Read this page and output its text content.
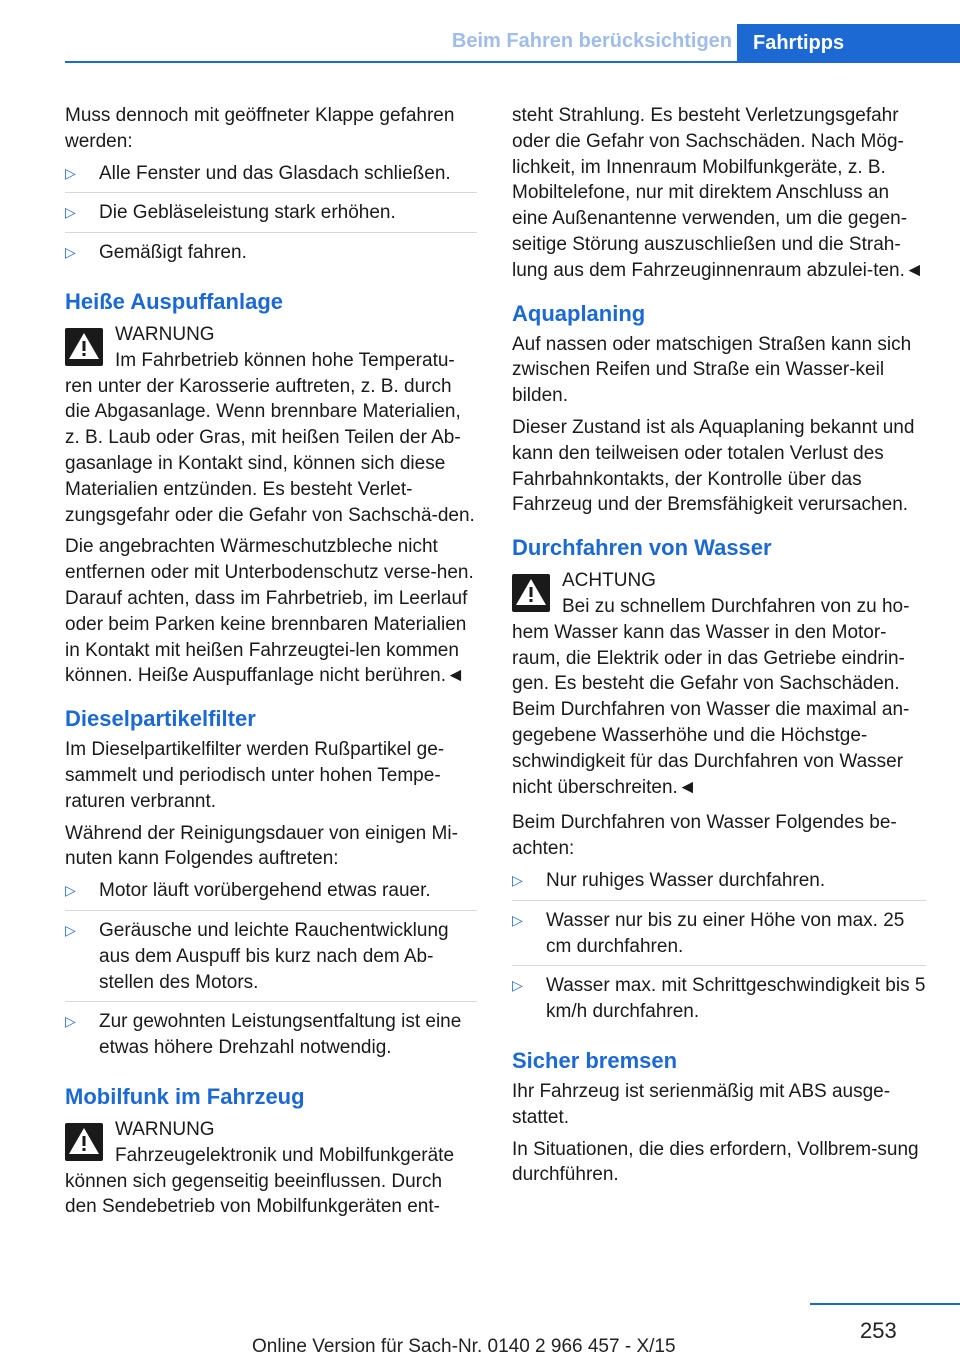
Beim Fahren berücksichtigen Fahrtipps

Muss dennoch mit geöffneter Klappe gefahren werden:

▷ Alle Fenster und das Glasdach schließen.
▷ Die Gebläseleistung stark erhöhen.
▷ Gemäßigt fahren.
Heiße Auspuffanlage
WARNUNG
Im Fahrbetrieb können hohe Temperatu-ren unter der Karosserie auftreten, z. B. durch die Abgasanlage. Wenn brennbare Materialien, z. B. Laub oder Gras, mit heißen Teilen der Ab-gasanlage in Kontakt sind, können sich diese Materialien entzünden. Es besteht Verlet-zungsgefahr oder die Gefahr von Sachschä-den.

Die angebrachten Wärmeschutzbleche nicht entfernen oder mit Unterbodenschutz verse-hen. Darauf achten, dass im Fahrbetrieb, im Leerlauf oder beim Parken keine brennbaren Materialien in Kontakt mit heißen Fahrzeugtei-len kommen können. Heiße Auspuffanlage nicht berühren.◄

Dieselpartikelfilter

Im Dieselpartikelfilter werden Rußpartikel ge-sammelt und periodisch unter hohen Tempe-raturen verbrannt.

Während der Reinigungsdauer von einigen Mi-nuten kann Folgendes auftreten:

▷ Motor läuft vorübergehend etwas rauer.
▷ Geräusche und leichte Rauchentwicklung aus dem Auspuff bis kurz nach dem Ab-stellen des Motors.
▷ Zur gewohnten Leistungsentfaltung ist eine etwas höhere Drehzahl notwendig.
Mobilfunk im Fahrzeug
WARNUNG
Fahrzeugelektronik und Mobilfunkgeräte können sich gegenseitig beeinflussen. Durch den Sendebetrieb von Mobilfunkgeräten ent-

steht Strahlung. Es besteht Verletzungsgefahr oder die Gefahr von Sachschäden. Nach Mög-lichkeit, im Innenraum Mobilfunkgeräte, z. B. Mobiltelefone, nur mit direktem Anschluss an eine Außenantenne verwenden, um die gegen-seitige Störung auszuschließen und die Strah-lung aus dem Fahrzeuginnenraum abzulei-ten.◄

Aquaplaning

Auf nassen oder matschigen Straßen kann sich zwischen Reifen und Straße ein Wasser-keil bilden.

Dieser Zustand ist als Aquaplaning bekannt und kann den teilweisen oder totalen Verlust des Fahrbahnkontakts, der Kontrolle über das Fahrzeug und der Bremsfähigkeit verursachen.

Durchfahren von Wasser
ACHTUNG
Bei zu schnellem Durchfahren von zu ho-hem Wasser kann das Wasser in den Motor-raum, die Elektrik oder in das Getriebe eindrin-gen. Es besteht die Gefahr von Sachschäden. Beim Durchfahren von Wasser die maximal an-gegebene Wasserhöhe und die Höchstge-schwindigkeit für das Durchfahren von Wasser nicht überschreiten.◄

Beim Durchfahren von Wasser Folgendes be-achten:

▷ Nur ruhiges Wasser durchfahren.
▷ Wasser nur bis zu einer Höhe von max. 25 cm durchfahren.
▷ Wasser max. mit Schrittgeschwindigkeit bis 5 km/h durchfahren.
Sicher bremsen

Ihr Fahrzeug ist serienmäßig mit ABS ausge-stattet.

In Situationen, die dies erfordern, Vollbrem-sung durchführen.

253
Online Version für Sach-Nr. 0140 2 966 457 - X/15
